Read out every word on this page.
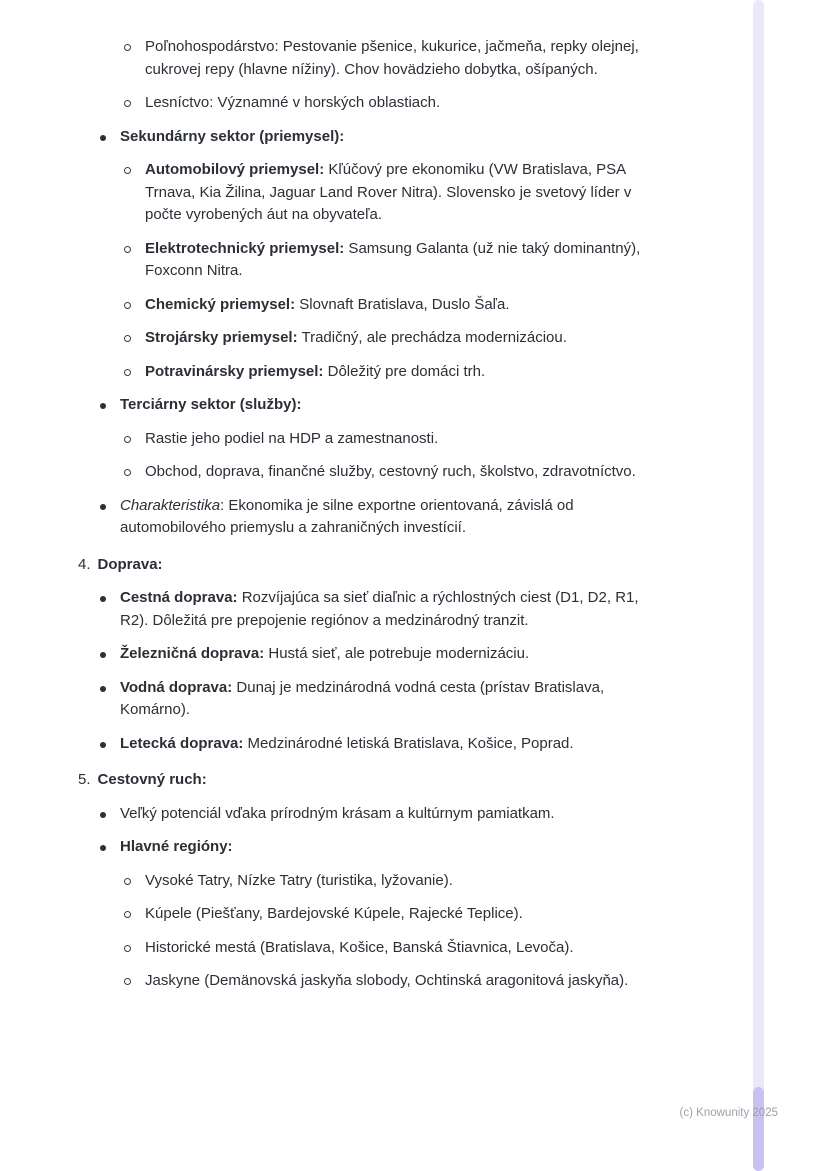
Poľnohospodárstvo: Pestovanie pšenice, kukurice, jačmeňa, repky olejnej, cukrovej repy (hlavne nížiny). Chov hovädzieho dobytka, ošípaných.
Lesníctvo: Významné v horských oblastiach.
Sekundárny sektor (priemysel):
Automobilový priemysel: Kľúčový pre ekonomiku (VW Bratislava, PSA Trnava, Kia Žilina, Jaguar Land Rover Nitra). Slovensko je svetový líder v počte vyrobených áut na obyvateľa.
Elektrotechnický priemysel: Samsung Galanta (už nie taký dominantný), Foxconn Nitra.
Chemický priemysel: Slovnaft Bratislava, Duslo Šaľa.
Strojársky priemysel: Tradičný, ale prechádza modernizáciou.
Potravinársky priemysel: Dôležitý pre domáci trh.
Terciárny sektor (služby):
Rastie jeho podiel na HDP a zamestnanosti.
Obchod, doprava, finančné služby, cestovný ruch, školstvo, zdravotníctvo.
Charakteristika: Ekonomika je silne exportne orientovaná, závislá od automobilového priemyslu a zahraničných investícií.
4. Doprava:
Cestná doprava: Rozvíjajúca sa sieť diaľnic a rýchlostných ciest (D1, D2, R1, R2). Dôležitá pre prepojenie regiónov a medzinárodný tranzit.
Železničná doprava: Hustá sieť, ale potrebuje modernizáciu.
Vodná doprava: Dunaj je medzinárodná vodná cesta (prístav Bratislava, Komárno).
Letecká doprava: Medzinárodné letiská Bratislava, Košice, Poprad.
5. Cestovný ruch:
Veľký potenciál vďaka prírodným krásam a kultúrnym pamiatkam.
Hlavné regióny:
Vysoké Tatry, Nízke Tatry (turistika, lyžovanie).
Kúpele (Piešťany, Bardejovské Kúpele, Rajecké Teplice).
Historické mestá (Bratislava, Košice, Banská Štiavnica, Levoča).
Jaskyne (Demänovská jaskyňa slobody, Ochtinská aragonitová jaskyňa).
(c) Knowunity 2025
